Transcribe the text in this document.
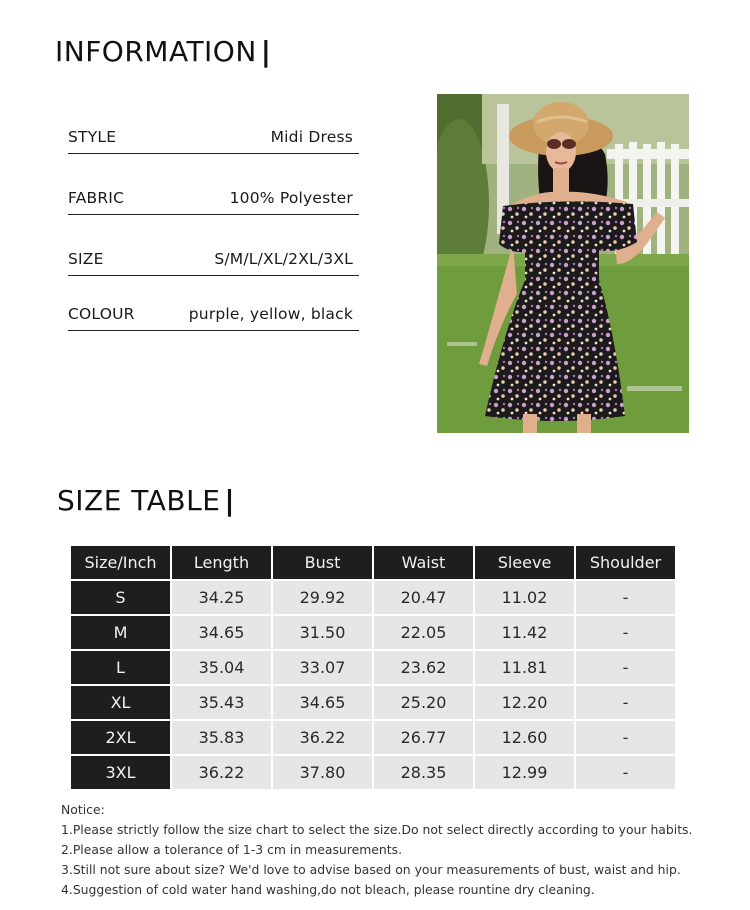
INFORMATION |
STYLE	Midi Dress
FABRIC	100% Polyester
SIZE	S/M/L/XL/2XL/3XL
COLOUR	purple, yellow, black
SIZE TABLE |
Size/Inch	Length	Bust	Waist	Sleeve	Shoulder
S	34.25	29.92	20.47	11.02	-
M	34.65	31.50	22.05	11.42	-
L	35.04	33.07	23.62	11.81	-
XL	35.43	34.65	25.20	12.20	-
2XL	35.83	36.22	26.77	12.60	-
3XL	36.22	37.80	28.35	12.99	-

Notice:

1.Please strictly follow the size chart to select the size.Do not select directly according to your habits.

2.Please allow a tolerance of 1-3 cm in measurements.

3.Still not sure about size? We'd love to advise based on your measurements of bust, waist and hip.

4.Suggestion of cold water hand washing,do not bleach, please rountine dry cleaning.
